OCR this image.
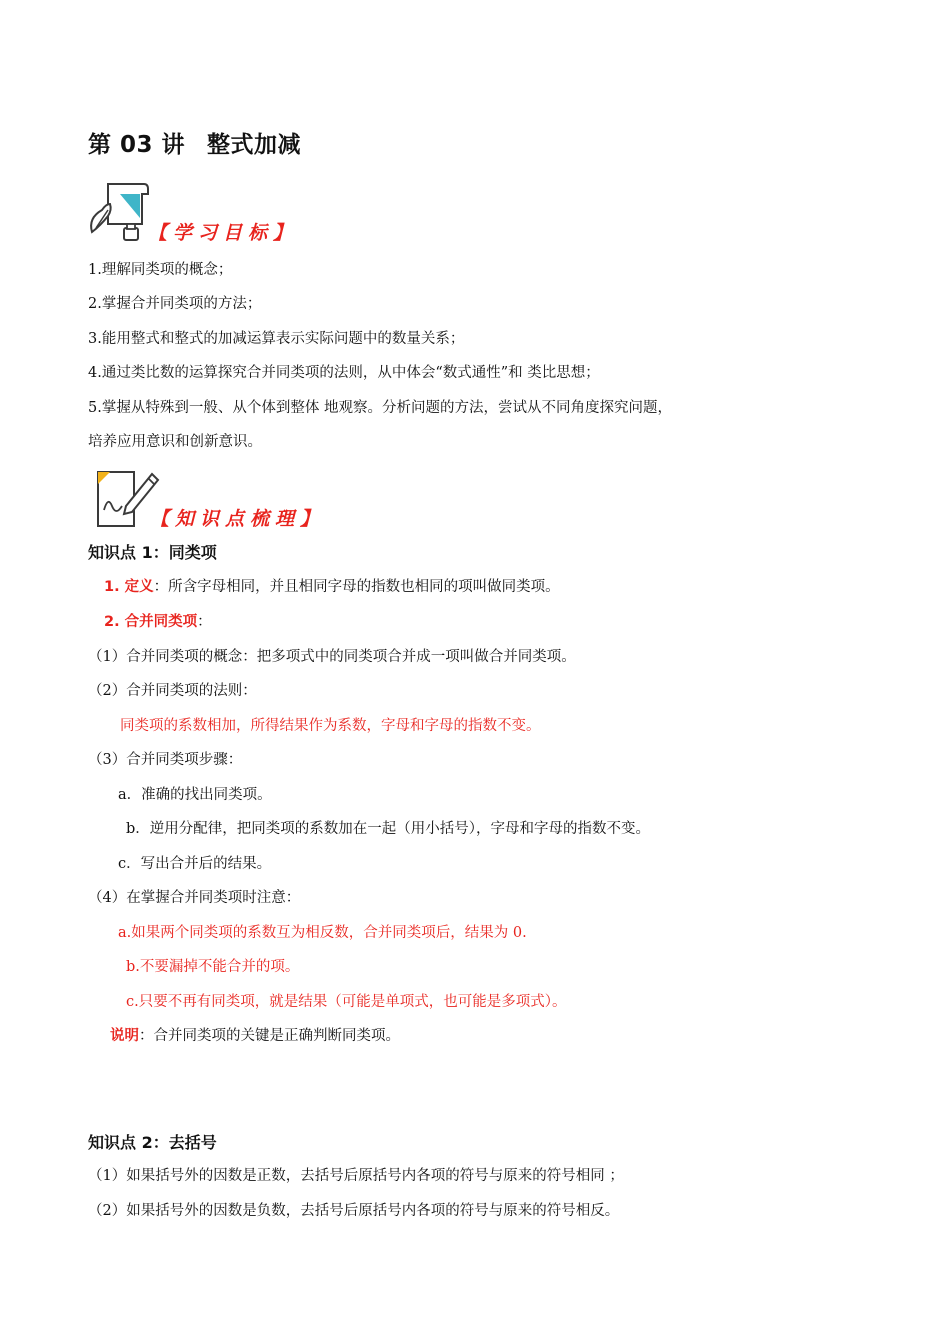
第 03 讲 整式加减
【学习目标】
1.理解同类项的概念；
2.掌握合并同类项的方法；
3.能用整式和整式的加减运算表示实际问题中的数量关系；
4.通过类比数的运算探究合并同类项的法则，从中体会“数式通性”和 类比思想；
5.掌握从特殊到一般、从个体到整体 地观察。分析问题的方法，尝试从不同角度探究问题，
培养应用意识和创新意识。
【知识点梳理】
知识点 1：同类项
1. 定义：所含字母相同，并且相同字母的指数也相同的项叫做同类项。
2. 合并同类项：
（1）合并同类项的概念：把多项式中的同类项合并成一项叫做合并同类项。
（2）合并同类项的法则：
同类项的系数相加，所得结果作为系数，字母和字母的指数不变。
（3）合并同类项步骤：
a．准确的找出同类项。
b．逆用分配律，把同类项的系数加在一起（用小括号），字母和字母的指数不变。
c．写出合并后的结果。
（4）在掌握合并同类项时注意：
a.如果两个同类项的系数互为相反数，合并同类项后，结果为 0.
b.不要漏掉不能合并的项。
c.只要不再有同类项，就是结果（可能是单项式，也可能是多项式）。
说明：合并同类项的关键是正确判断同类项。
知识点 2：去括号
（1）如果括号外的因数是正数，去括号后原括号内各项的符号与原来的符号相同 ；
（2）如果括号外的因数是负数，去括号后原括号内各项的符号与原来的符号相反。
